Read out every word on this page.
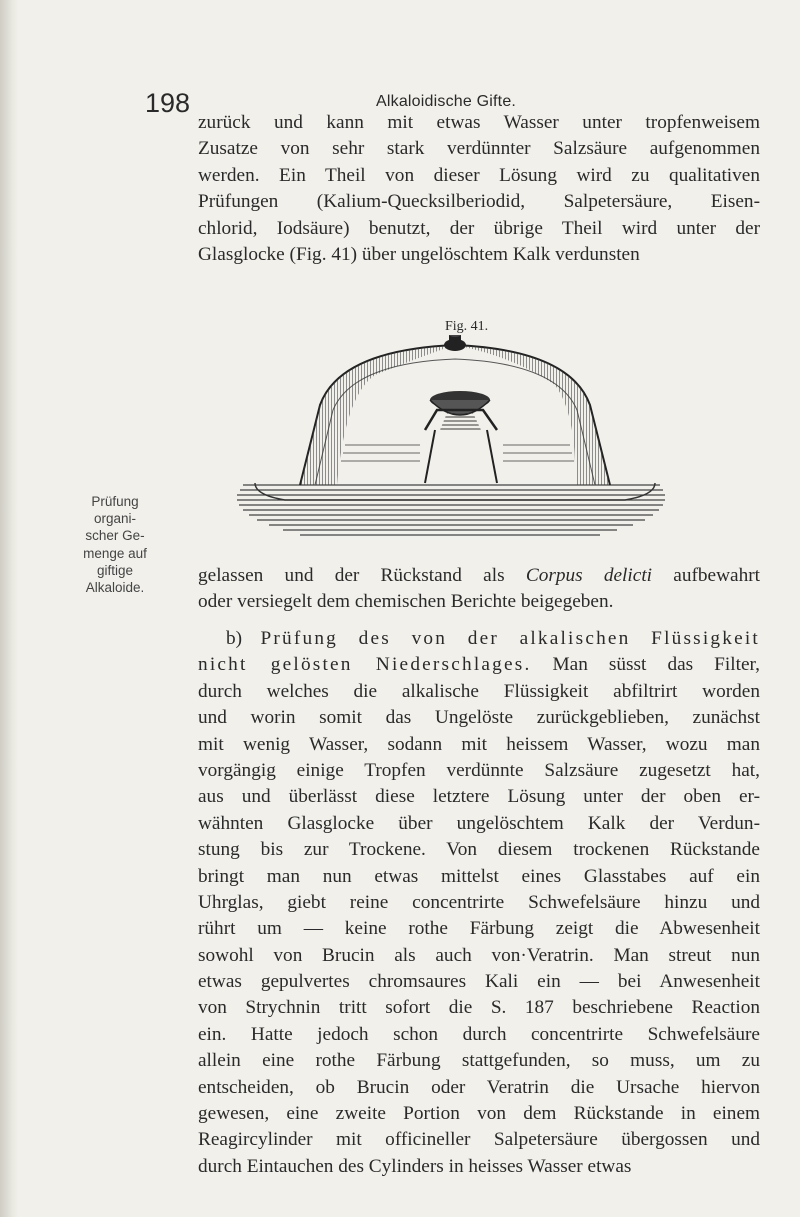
198	Alkaloidische Gifte.

zurück und kann mit etwas Wasser unter tropfenweisem
Zusatze von sehr stark verdünnter Salzsäure aufgenommen
werden. Ein Theil von dieser Lösung wird zu qualitativen
Prüfungen (Kalium-Quecksilberiodid, Salpetersäure, Eisen-
chlorid, Iodsäure) benutzt, der übrige Theil wird unter der
Glasglocke (Fig. 41) über ungelöschtem Kalk verdunsten

Fig. 41.
Prüfung
organi-
scher Ge-
menge auf
giftige
Alkaloide.

gelassen und der Rückstand als Corpus delicti aufbewahrt
oder versiegelt dem chemischen Berichte beigegeben.

b) Prüfung des von der alkalischen Flüssigkeit
nicht gelösten Niederschlages. Man süsst das Filter,
durch welches die alkalische Flüssigkeit abfiltrirt worden
und worin somit das Ungelöste zurückgeblieben, zunächst
mit wenig Wasser, sodann mit heissem Wasser, wozu man
vorgängig einige Tropfen verdünnte Salzsäure zugesetzt hat,
aus und überlässt diese letztere Lösung unter der oben er-
wähnten Glasglocke über ungelöschtem Kalk der Verdun-
stung bis zur Trockene. Von diesem trockenen Rückstande
bringt man nun etwas mittelst eines Glasstabes auf ein
Uhrglas, giebt reine concentrirte Schwefelsäure hinzu und
rührt um — keine rothe Färbung zeigt die Abwesenheit
sowohl von Brucin als auch von·Veratrin. Man streut nun
etwas gepulvertes chromsaures Kali ein — bei Anwesenheit
von Strychnin tritt sofort die S. 187 beschriebene Reaction
ein. Hatte jedoch schon durch concentrirte Schwefelsäure
allein eine rothe Färbung stattgefunden, so muss, um zu
entscheiden, ob Brucin oder Veratrin die Ursache hiervon
gewesen, eine zweite Portion von dem Rückstande in einem
Reagircylinder mit officineller Salpetersäure übergossen und
durch Eintauchen des Cylinders in heisses Wasser etwas
